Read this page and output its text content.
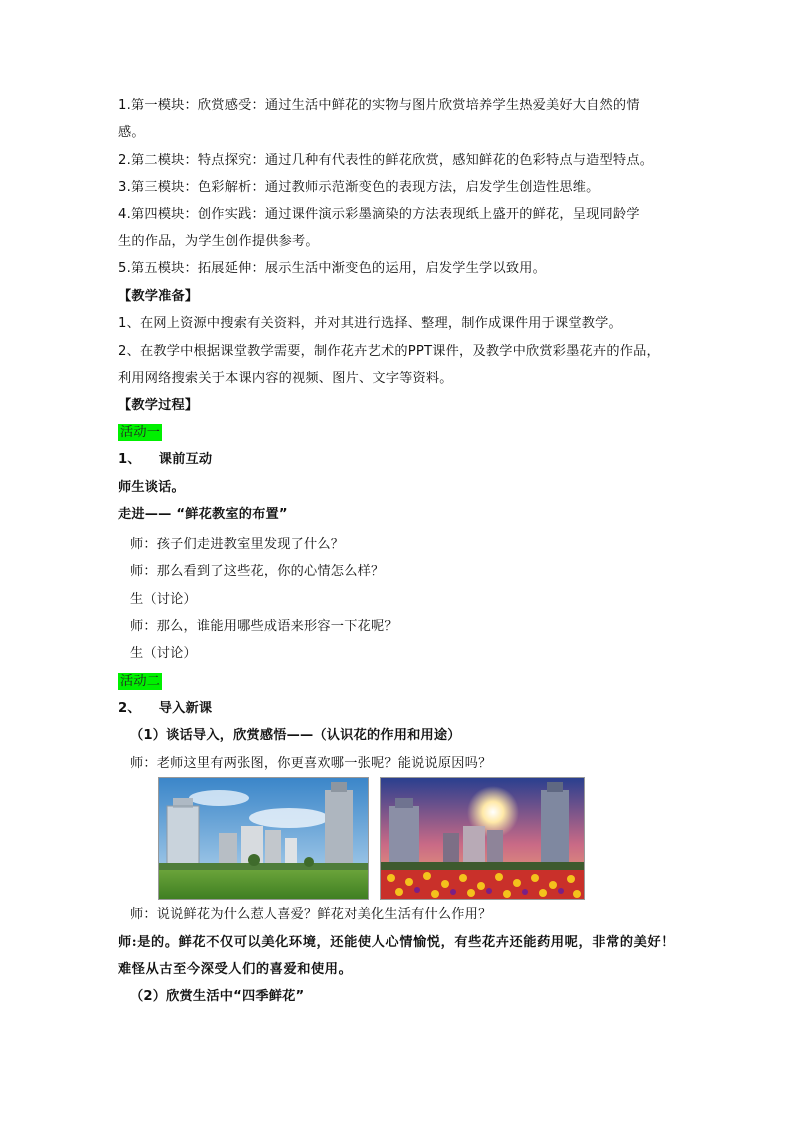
1.第一模块：欣赏感受：通过生活中鲜花的实物与图片欣赏培养学生热爱美好大自然的情
感。
2.第二模块：特点探究：通过几种有代表性的鲜花欣赏，感知鲜花的色彩特点与造型特点。
3.第三模块：色彩解析：通过教师示范渐变色的表现方法，启发学生创造性思维。
4.第四模块：创作实践：通过课件演示彩墨滴染的方法表现纸上盛开的鲜花，呈现同龄学
生的作品，为学生创作提供参考。
5.第五模块：拓展延伸：展示生活中渐变色的运用，启发学生学以致用。
【教学准备】
1、在网上资源中搜索有关资料，并对其进行选择、整理，制作成课件用于课堂教学。
2、在教学中根据课堂教学需要，制作花卉艺术的PPT课件，及教学中欣赏彩墨花卉的作品，
利用网络搜索关于本课内容的视频、图片、文字等资料。
【教学过程】
活动一
1、 课前互动
师生谈话。
走进—— “鲜花教室的布置”
师：孩子们走进教室里发现了什么？
师：那么看到了这些花，你的心情怎么样？
生（讨论）
师：那么，谁能用哪些成语来形容一下花呢？
生（讨论）
活动二
2、 导入新课
（1）谈话导入，欣赏感悟——（认识花的作用和用途）
师：老师这里有两张图，你更喜欢哪一张呢？能说说原因吗？
师：说说鲜花为什么惹人喜爱？鲜花对美化生活有什么作用？
师:是的。鲜花不仅可以美化环境，还能使人心情愉悦，有些花卉还能药用呢，非常的美好！
难怪从古至今深受人们的喜爱和使用。
（2）欣赏生活中“四季鲜花”
